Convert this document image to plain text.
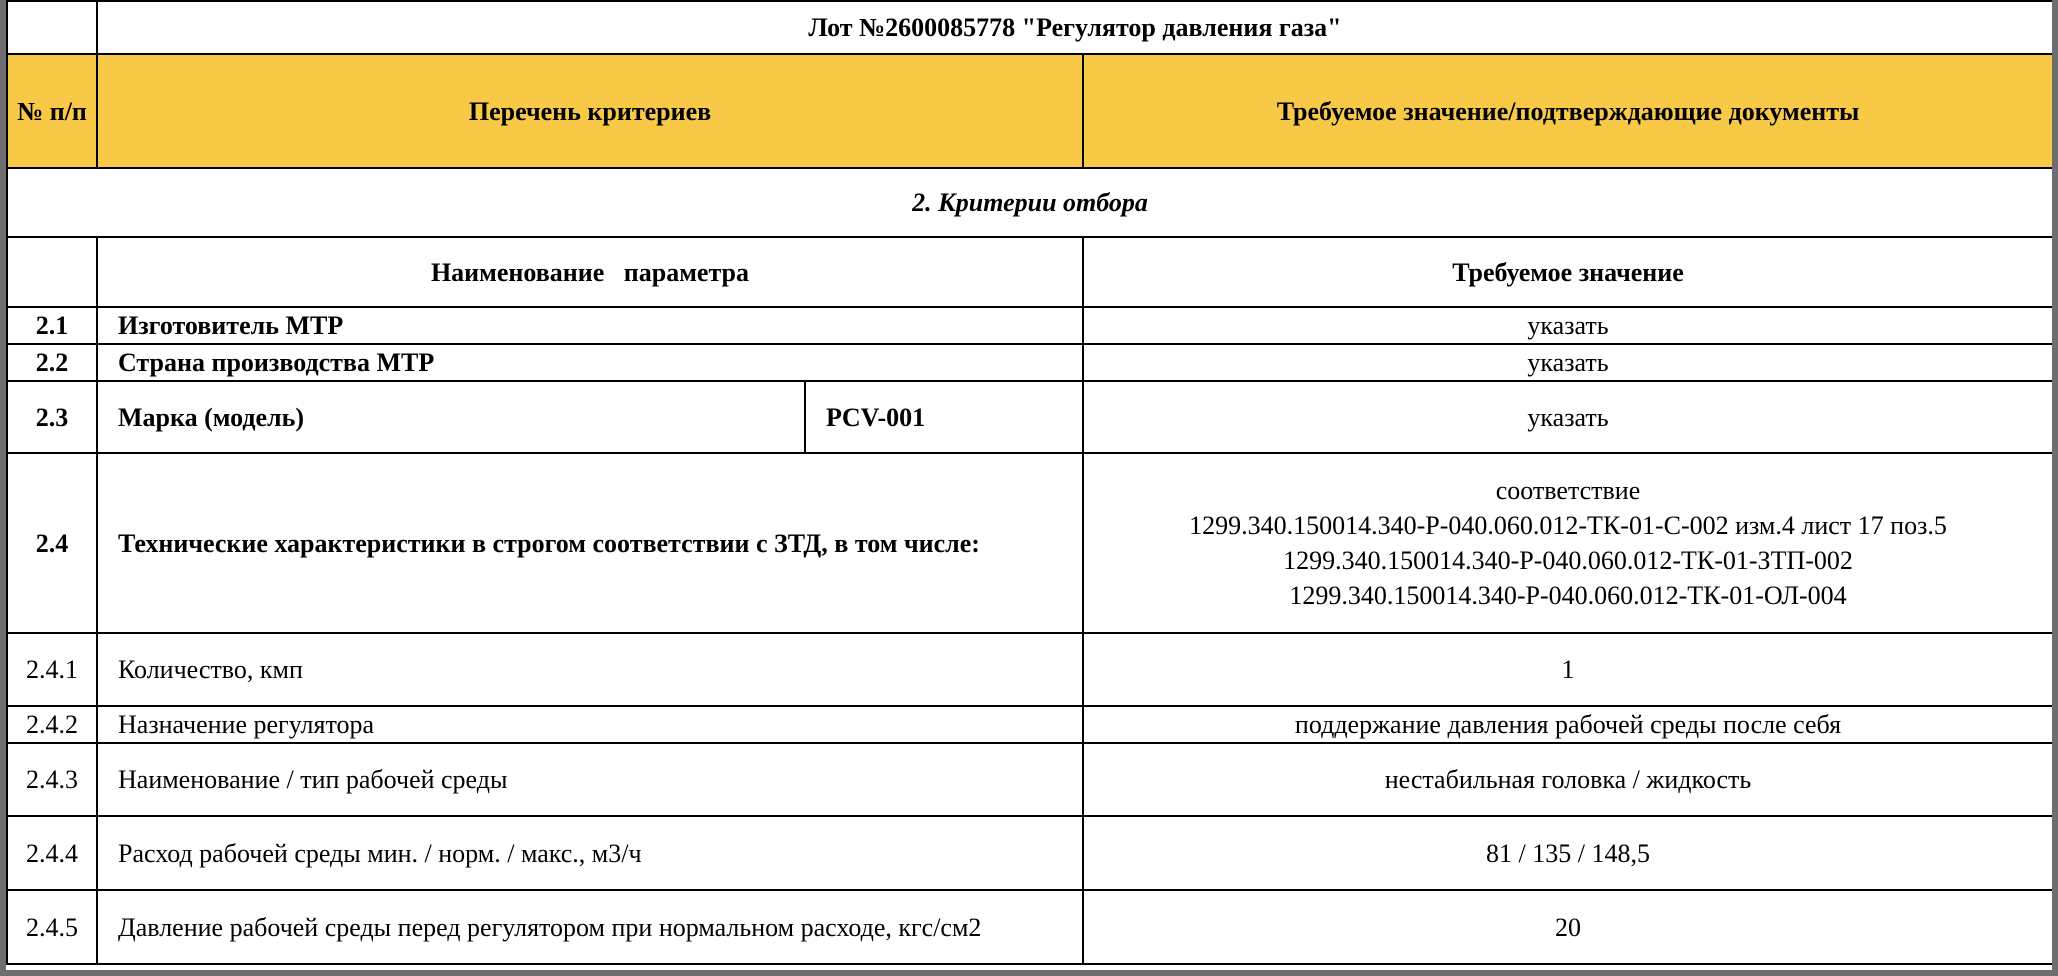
	Лот №2600085778 "Регулятор давления газа"		
№ п/п	Перечень критериев		Требуемое значение/подтверждающие документы
2. Критерии отбора			
	Наименование   параметра		Требуемое значение
2.1	Изготовитель МТР		указать
2.2	Страна производства МТР		указать
2.3	Марка (модель)	PCV-001	указать
2.4	Технические характеристики в строгом соответствии с ЗТД, в том числе:		соответствие
1299.340.150014.340-Р-040.060.012-ТК-01-С-002 изм.4 лист 17 поз.5
1299.340.150014.340-Р-040.060.012-ТК-01-ЗТП-002
1299.340.150014.340-Р-040.060.012-ТК-01-ОЛ-004

2.4.1	Количество, кмп		1
2.4.2	Назначение регулятора		поддержание давления рабочей среды после себя
2.4.3	Наименование / тип рабочей среды		нестабильная головка / жидкость
2.4.4	Расход рабочей среды мин. / норм. / макс., м3/ч		81 / 135 / 148,5
2.4.5	Давление рабочей среды перед регулятором при нормальном расходе, кгс/см2		20
